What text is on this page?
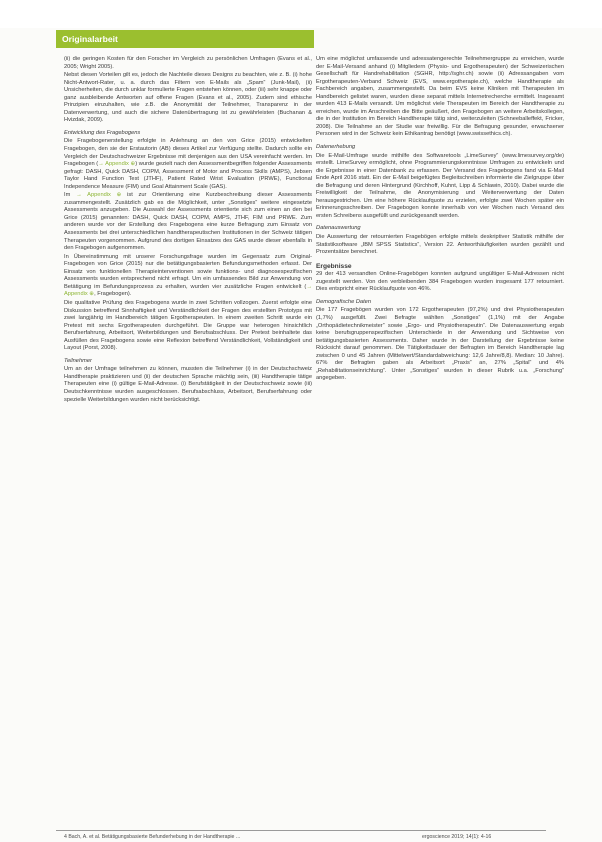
Originalarbeit

(ii) die geringen Kosten für den Forscher im Vergleich zu persönlichen Umfragen (Evans et al., 2005; Wright 2005).

Nebst diesen Vorteilen gilt es, jedoch die Nachteile dieses Designs zu beachten, wie z. B. (i) hohe Nicht-Antwort-Rater, u. a. durch das Filtern von E-Mails als „Spam“ (Junk-Mail), (ii) Unsicherheiten, die durch unklar formulierte Fragen entstehen können, oder (iii) sehr knappe oder ganz ausbleibende Antworten auf offene Fragen (Evans et al., 2005). Zudem sind ethische Prinzipien einzuhalten, wie z.B. die Anonymität der Teilnehmer, Transparenz in der Datenverwertung, und auch die sichere Datenübertragung ist zu gewährleisten (Buchanan & Hvizdak, 2009).

Entwicklung des Fragebogens

Die Fragebogenerstellung erfolgte in Anlehnung an den von Grice (2015) entwickelten Fragebogen, den sie der Erstautorin (AB) dieses Artikel zur Verfügung stellte. Dadurch sollte ein Vergleich der Deutschschweizer Ergebnisse mit denjenigen aus den USA vereinfacht werden. Im Fragebogen (→ Appendix ⊕) wurde gezielt nach den Assessmentbegriffen folgender Assessments gefragt: DASH, Quick DASH, COPM, Assessment of Motor and Process Skills (AMPS), Jebsen Taylor Hand Function Test (JTHF), Patient Rated Wrist Evaluation (PRWE), Functional Independence Measure (FIM) und Goal Attainment Scale (GAS).

Im → Appendix ⊕ ist zur Orientierung eine Kurzbeschreibung dieser Assessments zusammengestellt. Zusätzlich gab es die Möglichkeit, unter „Sonstiges“ weitere eingesetzte Assessments anzugeben. Die Auswahl der Assessments orientierte sich zum einen an den bei Grice (2015) genannten: DASH, Quick DASH, COPM, AMPS, JTHF, FIM und PRWE. Zum anderen wurde vor der Erstellung des Fragebogens eine kurze Befragung zum Einsatz von Assessments bei drei unterschiedlichen handtherapeutischen Institutionen in der Schweiz tätigen Therapeuten vorgenommen. Aufgrund des dortigen Einsatzes des GAS wurde dieser ebenfalls in den Fragebogen aufgenommen.

In Übereinstimmung mit unserer Forschungsfrage wurden im Gegensatz zum Original-Fragebogen von Grice (2015) nur die betätigungsbasierten Befundungsmethoden erfasst. Der Einsatz von funktionellen Therapieinterventionen sowie funktions- und diagnosespezifischen Assessments wurden entsprechend nicht erfragt. Um ein umfassendes Bild zur Anwendung von Betätigung im Befundungsprozess zu erhalten, wurden vier zusätzliche Fragen entwickelt (→ Appendix ⊕, Fragebogen).

Die qualitative Prüfung des Fragebogens wurde in zwei Schritten vollzogen. Zuerst erfolgte eine Diskussion betreffend Sinnhaftigkeit und Verständlichkeit der Fragen des erstellten Prototyps mit zwei langjährig im Handbereich tätigen Ergotherapeuten. In einem zweiten Schritt wurde ein Pretest mit sechs Ergotherapeuten durchgeführt. Die Gruppe war heterogen hinsichtlich Berufserfahrung, Arbeitsort, Weiterbildungen und Berufsabschluss. Der Pretest beinhaltete das Ausfüllen des Fragebogens sowie eine Reflexion betreffend Verständlichkeit, Vollständigkeit und Layout (Porst, 2008).

Teilnehmer

Um an der Umfrage teilnehmen zu können, mussten die Teilnehmer (i) in der Deutschschweiz Handtherapie praktizieren und (ii) der deutschen Sprache mächtig sein, (iii) Handtherapie tätige Therapeuten eine (i) gültige E-Mail-Adresse. (i) Berufstätigkeit in der Deutschschweiz sowie (iii) Deutschkenntnisse wurden ausgeschlossen. Berufsabschluss, Arbeitsort, Berufserfahrung oder spezielle Weiterbildungen wurden nicht berücksichtigt.

Um eine möglichst umfassende und adressatengerechte Teilnehmergruppe zu erreichen, wurde der E-Mail-Versand anhand (i) Mitgliedern (Physio- und Ergotherapeuten) der Schweizerischen Gesellschaft für Handrehabilitation (SGHR, http://sghr.ch) sowie (ii) Adressangaben vom Ergotherapeuten-Verband Schweiz (EVS, www.ergotherapie.ch), welche Handtherapie als Fachbereich angaben, zusammengestellt. Da beim EVS keine Kliniken mit Therapeuten im Handbereich gelistet waren, wurden diese separat mittels Internetrecherche ermittelt. Insgesamt wurden 413 E-Mails versandt. Um möglichst viele Therapeuten im Bereich der Handtherapie zu erreichen, wurde im Anschreiben die Bitte geäußert, den Fragebogen an weitere Arbeitskollegen, die in der Institution im Bereich Handtherapie tätig sind, weiterzuleiten (Schneeballeffekt, Fricker, 2008). Die Teilnahme an der Studie war freiwillig. Für die Befragung gesunder, erwachsener Personen wird in der Schweiz kein Ethikantrag benötigt (www.swissethics.ch).

Datenerhebung

Die E-Mail-Umfrage wurde mithilfe des Softwaretools „LimeSurvey“ (www.limesurvey.org/de) erstellt. LimeSurvey ermöglicht, ohne Programmierungskenntnisse Umfragen zu entwickeln und die Ergebnisse in einer Datenbank zu erfassen. Der Versand des Fragebogens fand via E-Mail Ende April 2016 statt. Ein der E-Mail beigefügtes Begleitschreiben informierte die Zielgruppe über die Befragung und deren Hintergrund (Kirchhoff, Kuhnt, Lipp & Schlawin, 2010). Dabei wurde die Freiwilligkeit der Teilnahme, die Anonymisierung und Weiterverwertung der Daten herausgestrichen. Um eine höhere Rücklaufquote zu erzielen, erfolgte zwei Wochen später ein Erinnerungsschreiben. Der Fragebogen konnte innerhalb von vier Wochen nach Versand des ersten Schreibens ausgefüllt und zurückgesandt werden.

Datenauswertung

Die Auswertung der retournierten Fragebögen erfolgte mittels deskriptiver Statistik mithilfe der Statistiksoftware „IBM SPSS Statistics“, Version 22. Antworthäufigkeiten wurden gezählt und Prozentsätze berechnet.

Ergebnisse

29 der 413 versandten Online-Fragebögen konnten aufgrund ungültiger E-Mail-Adressen nicht zugestellt werden. Von den verbleibenden 384 Fragebogen wurden insgesamt 177 retourniert. Dies entspricht einer Rücklaufquote von 46%.

Demografische Daten

Die 177 Fragebögen wurden von 172 Ergotherapeuten (97,2%) und drei Physiotherapeuten (1,7%) ausgefüllt. Zwei Befragte wählten „Sonstiges“ (1,1%) mit der Angabe „Orthopädietechnikmeister“ sowie „Ergo- und Physiotherapeutin“. Die Datenauswertung ergab keine berufsgruppenspezifischen Unterschiede in der Anwendung und Sichtweise von betätigungsbasierten Assessments. Daher wurde in der Darstellung der Ergebnisse keine Rücksicht darauf genommen. Die Tätigkeitsdauer der Befragten im Bereich Handtherapie lag zwischen 0 und 45 Jahren (Mittelwert/Standardabweichung: 12,6 Jahre/8,8). Median: 10 Jahre). 67% der Befragten gaben als Arbeitsort „Praxis“ an, 27% „Spital“ und 4% „Rehabilitationseinrichtung“. Unter „Sonstiges“ wurden in dieser Rubrik u.a. „Forschung“ angegeben.

4 Bach, A. et al. Betätigungsbasierte Befunderhebung in der Handtherapie ...	ergoscience 2019; 14(1): 4-16
